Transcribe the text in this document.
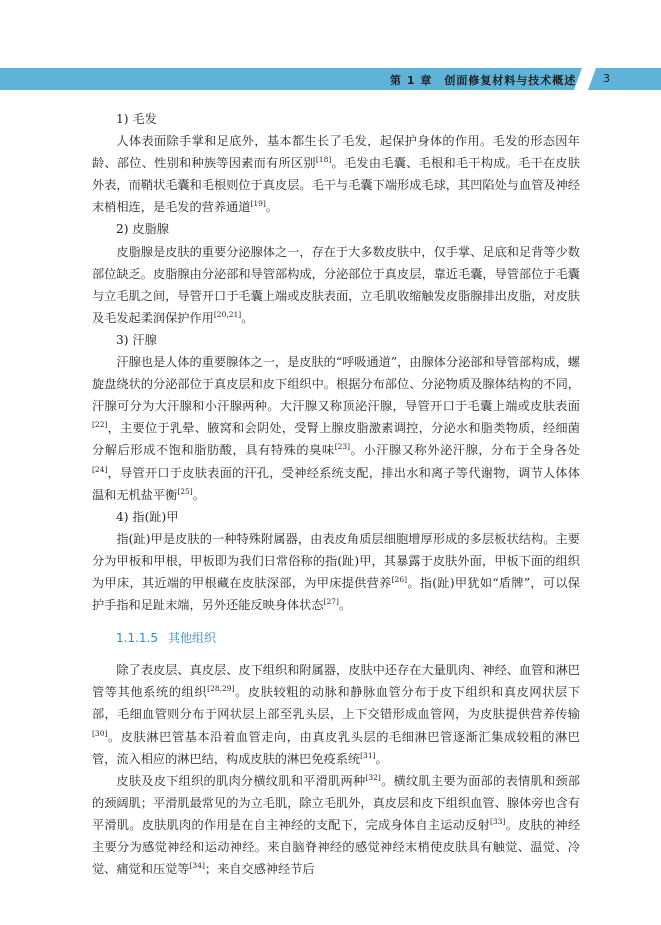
第 1 章　创面修复材料与技术概述 3
1) 毛发

人体表面除手掌和足底外，基本都生长了毛发，起保护身体的作用。毛发的形态因年龄、部位、性别和种族等因素而有所区别[18]。毛发由毛囊、毛根和毛干构成。毛干在皮肤外表，而鞘状毛囊和毛根则位于真皮层。毛干与毛囊下端形成毛球，其凹陷处与血管及神经末梢相连，是毛发的营养通道[19]。

2) 皮脂腺

皮脂腺是皮肤的重要分泌腺体之一，存在于大多数皮肤中，仅手掌、足底和足背等少数部位缺乏。皮脂腺由分泌部和导管部构成，分泌部位于真皮层，靠近毛囊，导管部位于毛囊与立毛肌之间，导管开口于毛囊上端或皮肤表面，立毛肌收缩触发皮脂腺排出皮脂，对皮肤及毛发起柔润保护作用[20,21]。

3) 汗腺

汗腺也是人体的重要腺体之一，是皮肤的“呼吸通道”，由腺体分泌部和导管部构成，螺旋盘绕状的分泌部位于真皮层和皮下组织中。根据分布部位、分泌物质及腺体结构的不同，汗腺可分为大汗腺和小汗腺两种。大汗腺又称顶泌汗腺，导管开口于毛囊上端或皮肤表面[22]，主要位于乳晕、腋窝和会阴处，受腎上腺皮脂激素调控，分泌水和脂类物质，经细菌分解后形成不饱和脂肪酸，具有特殊的臭味[23]。小汗腺又称外泌汗腺，分布于全身各处[24]，导管开口于皮肤表面的汗孔，受神经系统支配，排出水和离子等代谢物，调节人体体温和无机盐平衡[25]。

4) 指(趾)甲

指(趾)甲是皮肤的一种特殊附属器，由表皮角质层细胞增厚形成的多层板状结构。主要分为甲板和甲根，甲板即为我们日常俗称的指(趾)甲，其暴露于皮肤外面，甲板下面的组织为甲床，其近端的甲根藏在皮肤深部，为甲床提供营养[26]。指(趾)甲犹如“盾牌”，可以保护手指和足趾末端，另外还能反映身体状态[27]。

1.1.1.5 其他组织

除了表皮层、真皮层、皮下组织和附属器，皮肤中还存在大量肌肉、神经、血管和淋巴管等其他系统的组织[28,29]。皮肤较粗的动脉和静脉血管分布于皮下组织和真皮网状层下部，毛细血管则分布于网状层上部至乳头层，上下交错形成血管网，为皮肤提供营养传输[30]。皮肤淋巴管基本沿着血管走向，由真皮乳头层的毛细淋巴管逐渐汇集成较粗的淋巴管，流入相应的淋巴结，构成皮肤的淋巴免疫系统[31]。

皮肤及皮下组织的肌肉分横纹肌和平滑肌两种[32]。横纹肌主要为面部的表情肌和颈部的颈阔肌；平滑肌最常见的为立毛肌，除立毛肌外，真皮层和皮下组织血管、腺体旁也含有平滑肌。皮肤肌肉的作用是在自主神经的支配下，完成身体自主运动反射[33]。皮肤的神经主要分为感觉神经和运动神经。来自脑脊神经的感觉神经末梢使皮肤具有触觉、温觉、冷觉、痛觉和压觉等[34]；来自交感神经节后
